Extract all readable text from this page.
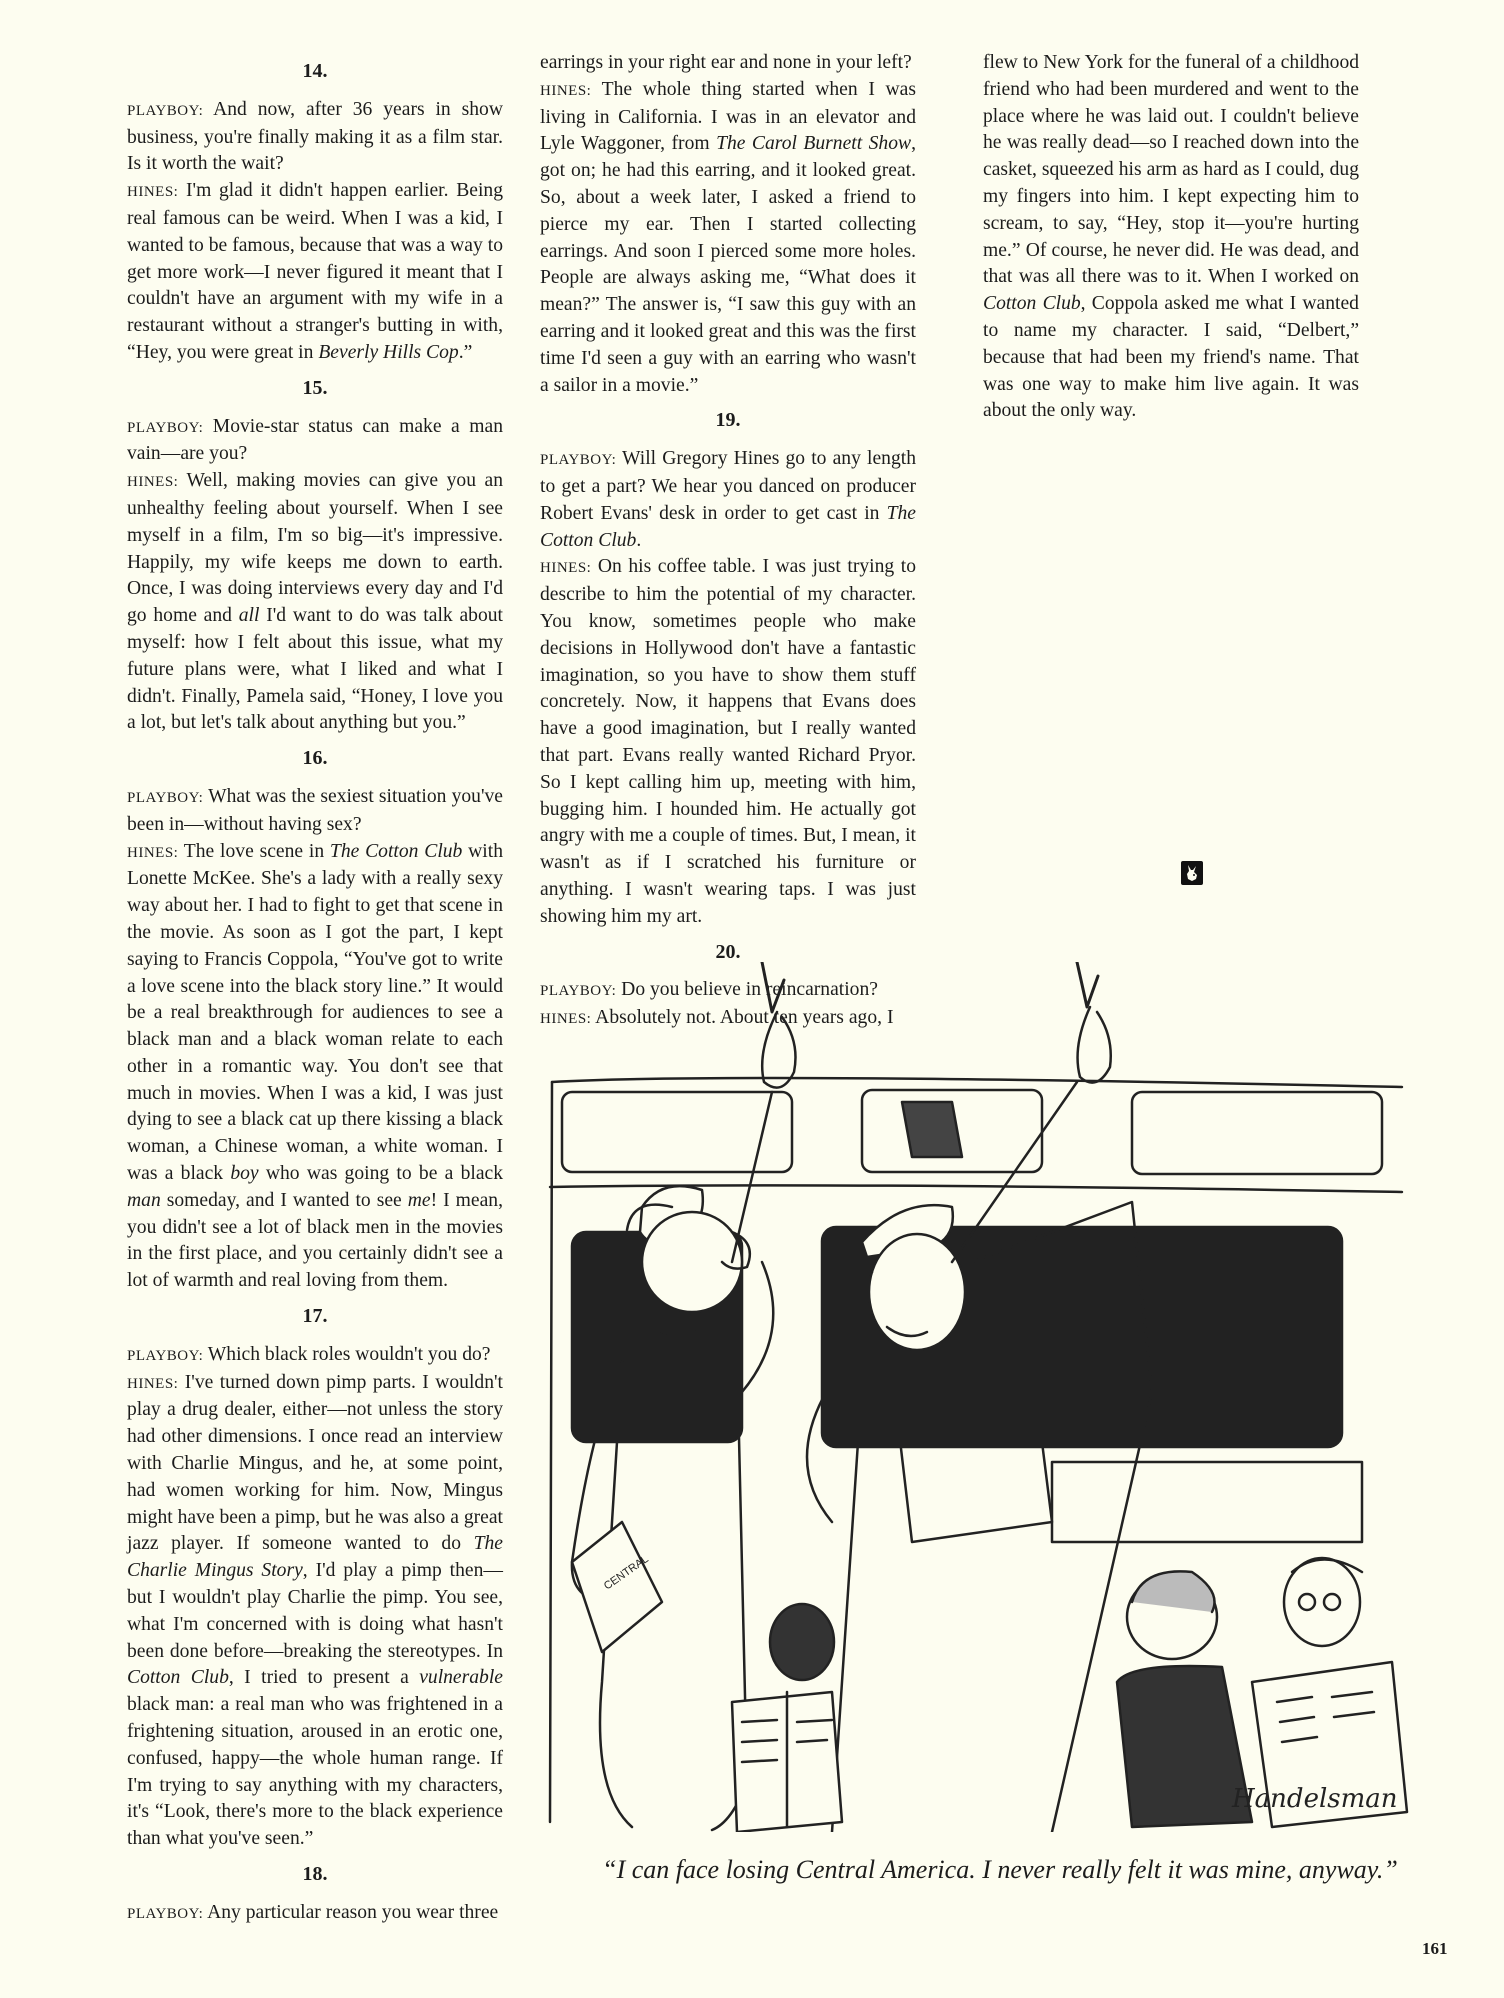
14.

PLAYBOY: And now, after 36 years in show business, you're finally making it as a film star. Is it worth the wait?

HINES: I'm glad it didn't happen earlier. Being real famous can be weird. When I was a kid, I wanted to be famous, because that was a way to get more work—I never figured it meant that I couldn't have an argument with my wife in a restaurant without a stranger's butting in with, “Hey, you were great in Beverly Hills Cop.”

15.

PLAYBOY: Movie-star status can make a man vain—are you?

HINES: Well, making movies can give you an unhealthy feeling about yourself. When I see myself in a film, I'm so big—it's impressive. Happily, my wife keeps me down to earth. Once, I was doing interviews every day and I'd go home and all I'd want to do was talk about myself: how I felt about this issue, what my future plans were, what I liked and what I didn't. Finally, Pamela said, “Honey, I love you a lot, but let's talk about anything but you.”

16.

PLAYBOY: What was the sexiest situation you've been in—without having sex?

HINES: The love scene in The Cotton Club with Lonette McKee. She's a lady with a really sexy way about her. I had to fight to get that scene in the movie. As soon as I got the part, I kept saying to Francis Coppola, “You've got to write a love scene into the black story line.” It would be a real breakthrough for audiences to see a black man and a black woman relate to each other in a romantic way. You don't see that much in movies. When I was a kid, I was just dying to see a black cat up there kissing a black woman, a Chinese woman, a white woman. I was a black boy who was going to be a black man someday, and I wanted to see me! I mean, you didn't see a lot of black men in the movies in the first place, and you certainly didn't see a lot of warmth and real loving from them.

17.

PLAYBOY: Which black roles wouldn't you do?

HINES: I've turned down pimp parts. I wouldn't play a drug dealer, either—not unless the story had other dimensions. I once read an interview with Charlie Mingus, and he, at some point, had women working for him. Now, Mingus might have been a pimp, but he was also a great jazz player. If someone wanted to do The Charlie Mingus Story, I'd play a pimp then—but I wouldn't play Charlie the pimp. You see, what I'm concerned with is doing what hasn't been done before—breaking the stereotypes. In Cotton Club, I tried to present a vulnerable black man: a real man who was frightened in a frightening situation, aroused in an erotic one, confused, happy—the whole human range. If I'm trying to say anything with my characters, it's “Look, there's more to the black experience than what you've seen.”

18.

PLAYBOY: Any particular reason you wear three

earrings in your right ear and none in your left?

HINES: The whole thing started when I was living in California. I was in an elevator and Lyle Waggoner, from The Carol Burnett Show, got on; he had this earring, and it looked great. So, about a week later, I asked a friend to pierce my ear. Then I started collecting earrings. And soon I pierced some more holes. People are always asking me, “What does it mean?” The answer is, “I saw this guy with an earring and it looked great and this was the first time I'd seen a guy with an earring who wasn't a sailor in a movie.”

19.

PLAYBOY: Will Gregory Hines go to any length to get a part? We hear you danced on producer Robert Evans' desk in order to get cast in The Cotton Club.

HINES: On his coffee table. I was just trying to describe to him the potential of my character. You know, sometimes people who make decisions in Hollywood don't have a fantastic imagination, so you have to show them stuff concretely. Now, it happens that Evans does have a good imagination, but I really wanted that part. Evans really wanted Richard Pryor. So I kept calling him up, meeting with him, bugging him. I hounded him. He actually got angry with me a couple of times. But, I mean, it wasn't as if I scratched his furniture or anything. I wasn't wearing taps. I was just showing him my art.

20.

PLAYBOY: Do you believe in reincarnation?

HINES: Absolutely not. About ten years ago, I

flew to New York for the funeral of a childhood friend who had been murdered and went to the place where he was laid out. I couldn't believe he was really dead—so I reached down into the casket, squeezed his arm as hard as I could, dug my fingers into him. I kept expecting him to scream, to say, “Hey, stop it—you're hurting me.” Of course, he never did. He was dead, and that was all there was to it. When I worked on Cotton Club, Coppola asked me what I wanted to name my character. I said, “Delbert,” because that had been my friend's name. That was one way to make him live again. It was about the only way.

CENTRAL
Handelsman
“I can face losing Central America. I never really felt it was mine, anyway.”
161
